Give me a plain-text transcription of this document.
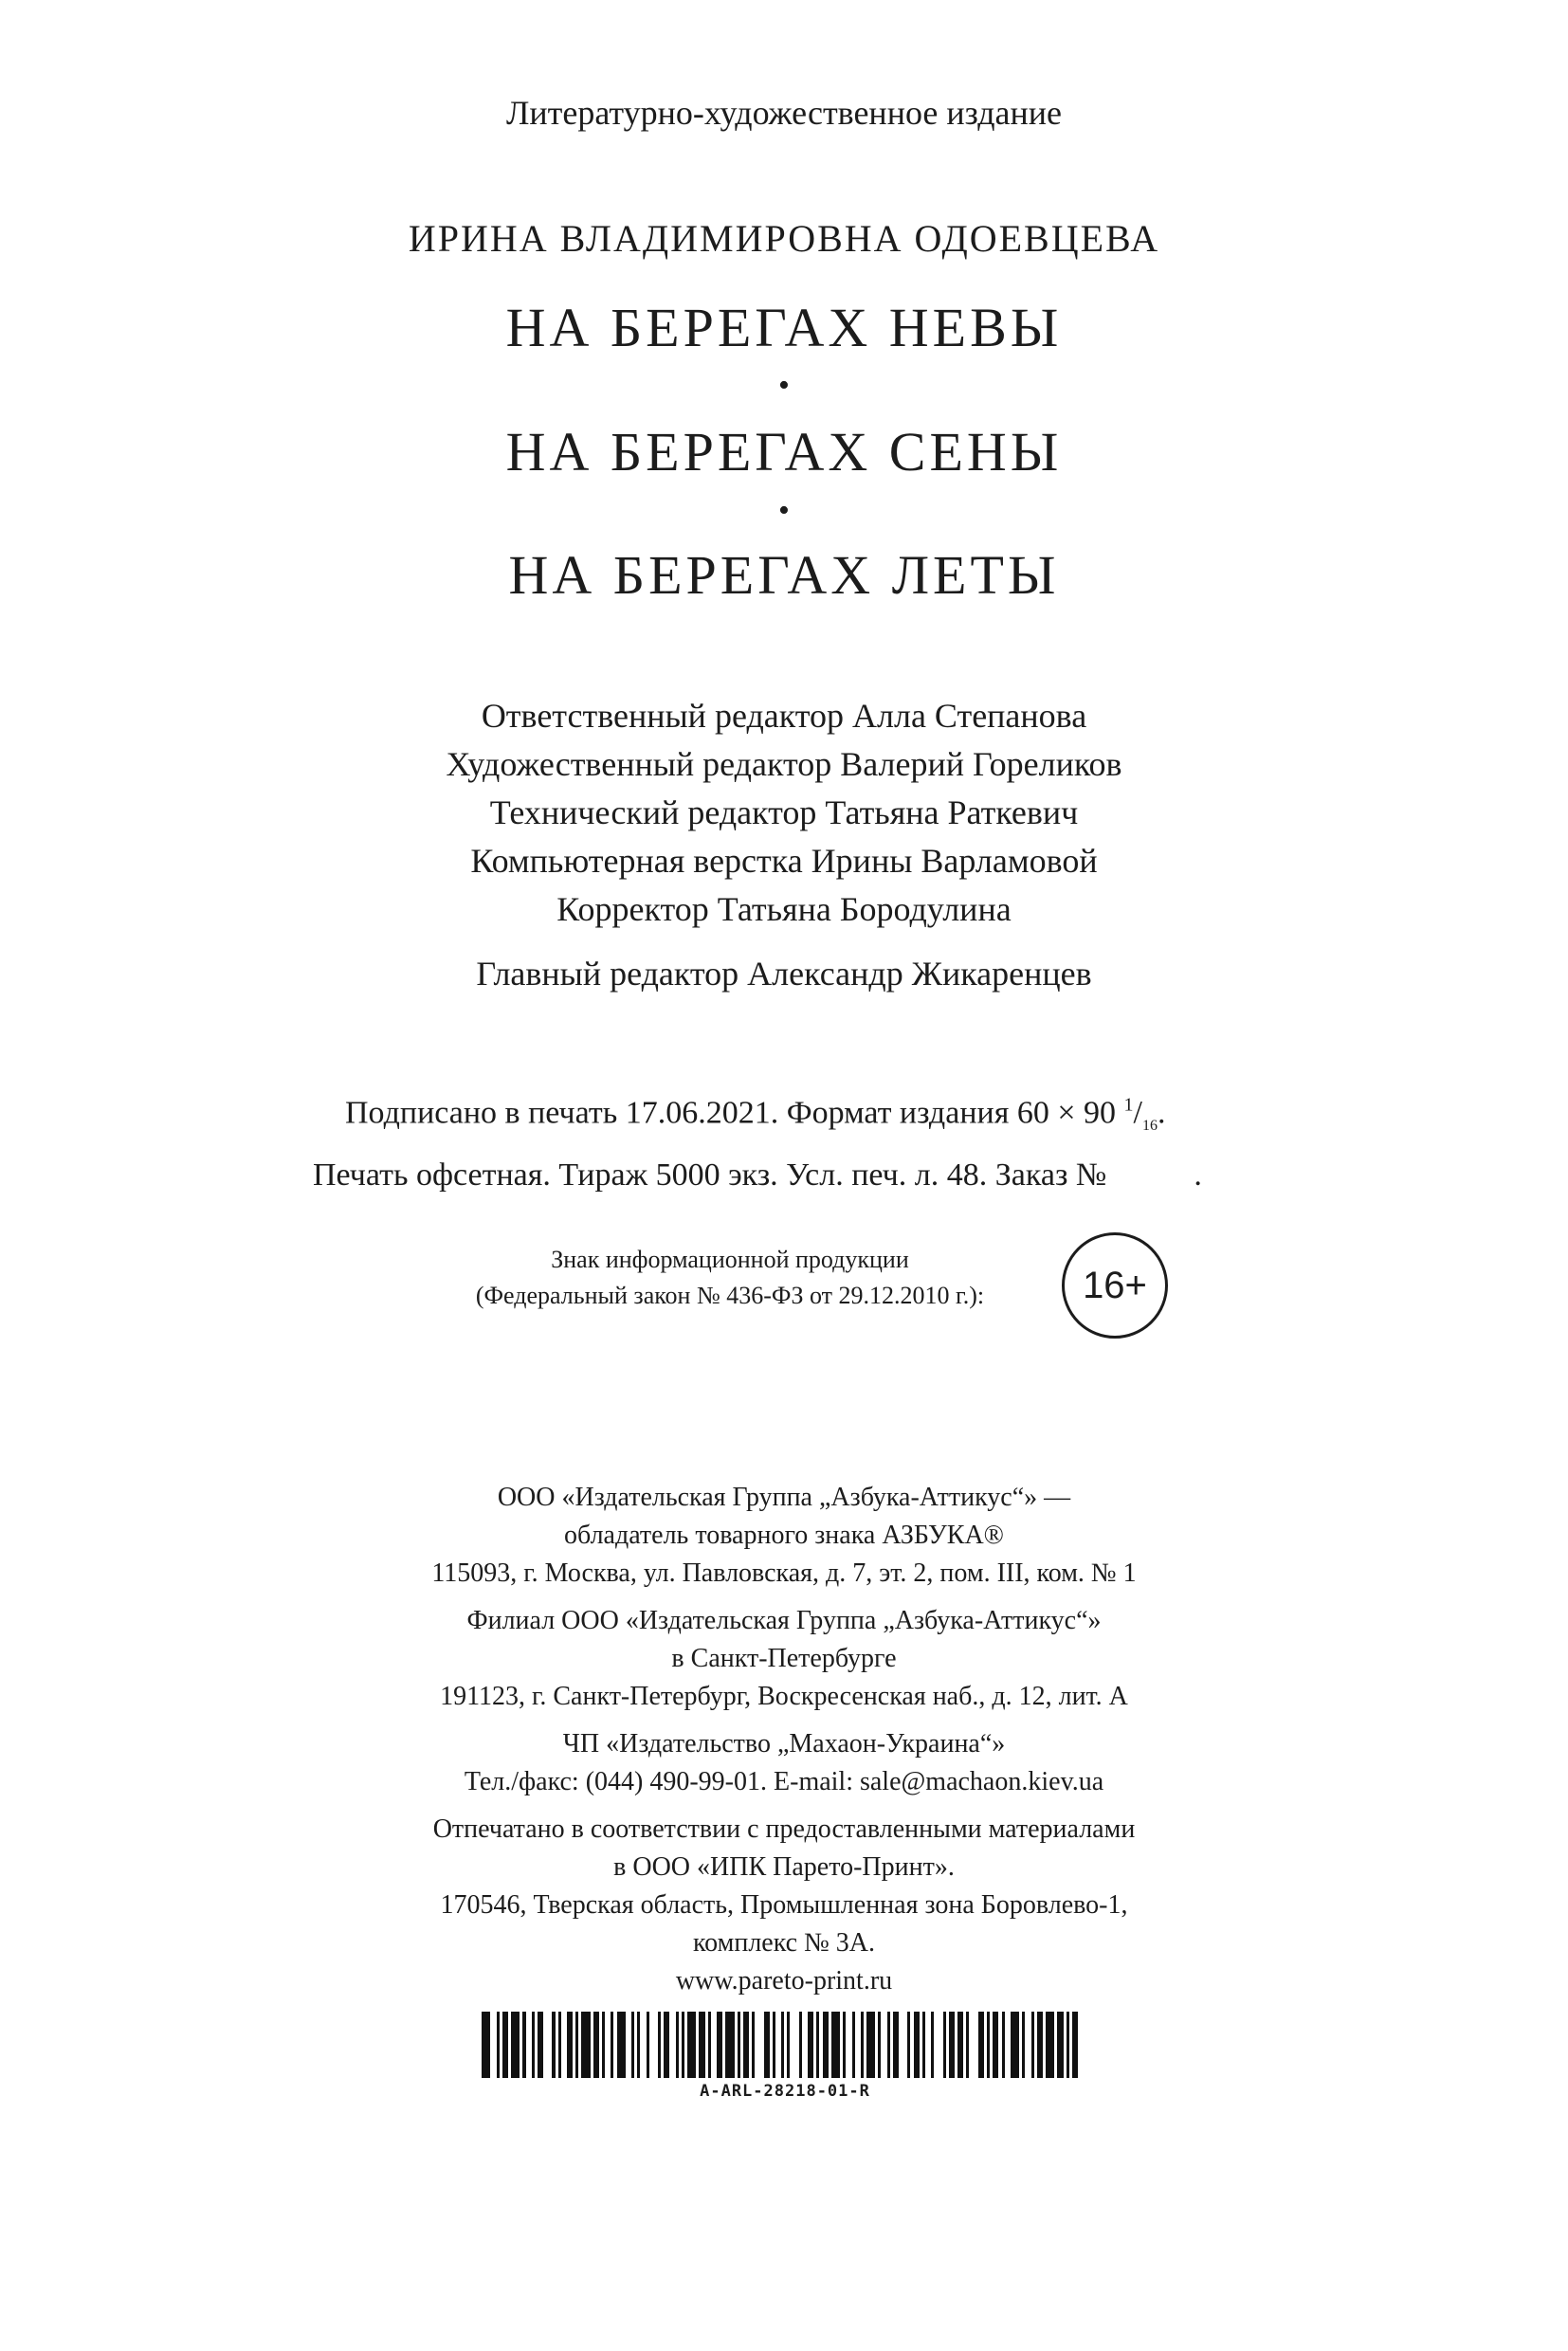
Литературно-художественное издание
ИРИНА ВЛАДИМИРОВНА ОДОЕВЦЕВА
НА БЕРЕГАХ НЕВЫ
•
НА БЕРЕГАХ СЕНЫ
•
НА БЕРЕГАХ ЛЕТЫ
Ответственный редактор Алла Степанова
Художественный редактор Валерий Гореликов
Технический редактор Татьяна Раткевич
Компьютерная верстка Ирины Варламовой
Корректор Татьяна Бородулина
Главный редактор Александр Жикаренцев
Подписано в печать 17.06.2021. Формат издания 60 × 90 $^1/_{16}$.
Печать офсетная. Тираж 5000 экз. Усл. печ. л. 48. Заказ №	.
Знак информационной продукции
(Федеральный закон № 436-ФЗ от 29.12.2010 г.):	16+
ООО «Издательская Группа „Азбука-Аттикус“» —
обладатель товарного знака АЗБУКА®
115093, г. Москва, ул. Павловская, д. 7, эт. 2, пом. III, ком. № 1
Филиал ООО «Издательская Группа „Азбука-Аттикус“»
в Санкт-Петербурге
191123, г. Санкт-Петербург, Воскресенская наб., д. 12, лит. А
ЧП «Издательство „Махаон-Украина“»
Тел./факс: (044) 490-99-01. E-mail: sale@machaon.kiev.ua
Отпечатано в соответствии с предоставленными материалами
в ООО «ИПК Парето-Принт».
170546, Тверская область, Промышленная зона Боровлево-1,
комплекс № 3А.
www.pareto-print.ru
A-ARL-28218-01-R
